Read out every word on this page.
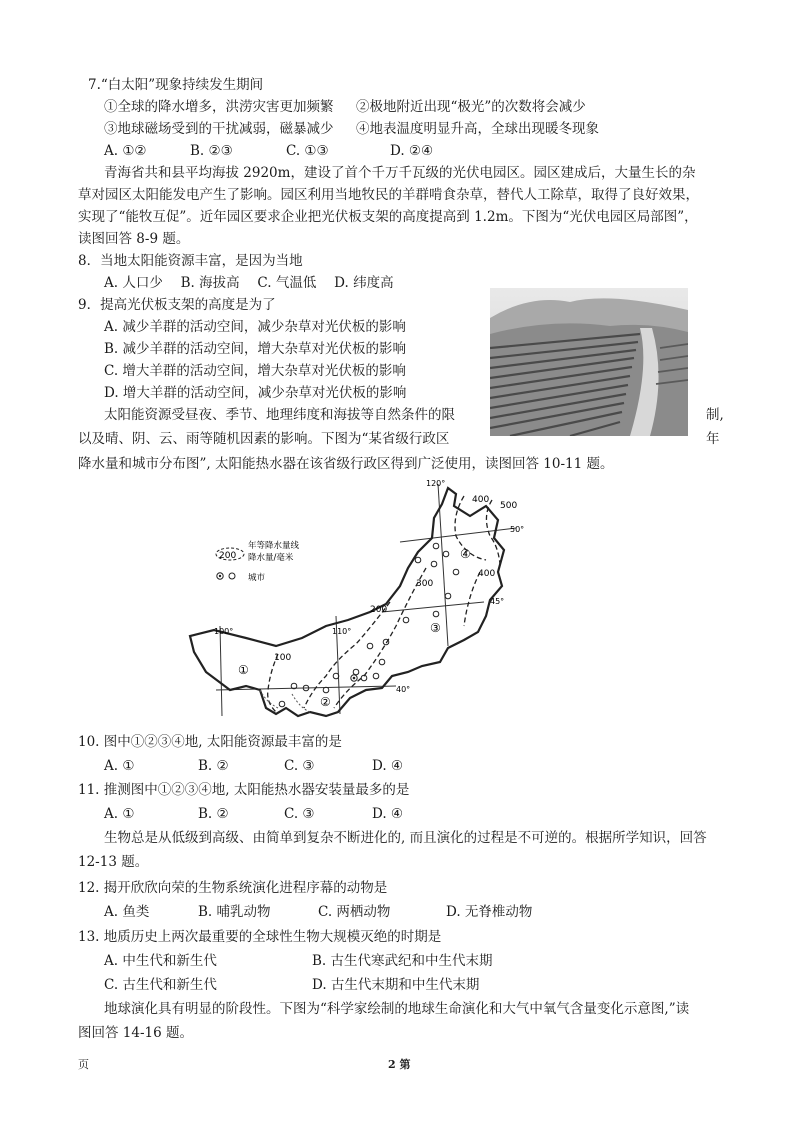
7.“白太阳”现象持续发生期间
①全球的降水增多，洪涝灾害更加频繁 ②极地附近出现“极光”的次数将会减少
③地球磁场受到的干扰减弱，磁暴减少 ④地表温度明显升高，全球出现暖冬现象
A. ①②	B. ②③	C. ①③	D. ②④
青海省共和县平均海拔 2920m，建设了首个千万千瓦级的光伏电园区。园区建成后，大量生长的杂
草对园区太阳能发电产生了影响。园区利用当地牧民的羊群啃食杂草，替代人工除草，取得了良好效果，
实现了“能牧互促”。近年园区要求企业把光伏板支架的高度提高到 1.2m。下图为“光伏电园区局部图”，
读图回答 8-9 题。
8．当地太阳能资源丰富，是因为当地
A. 人口少　 B. 海拔高　 C. 气温低　 D. 纬度高
9．提高光伏板支架的高度是为了
A. 减少羊群的活动空间，减少杂草对光伏板的影响
B. 减少羊群的活动空间，增大杂草对光伏板的影响
C. 增大羊群的活动空间，增大杂草对光伏板的影响
D. 增大羊群的活动空间，减少杂草对光伏板的影响
太阳能资源受昼夜、季节、地理纬度和海拔等自然条件的限	制,
以及晴、阴、云、雨等随机因素的影响。下图为“某省级行政区	年
降水量和城市分布图”, 太阳能热水器在该省级行政区得到广泛使用，读图回答 10-11 题。
200
年等降水量线
降水量/毫米
城市
120°
50°
45°
100°	110°
40°
400
500
400
300
200
100
①
②
③
④
10. 图中①②③④地, 太阳能资源最丰富的是
A. ①	B. ②	C. ③	D. ④
11. 推测图中①②③④地, 太阳能热水器安装量最多的是
A. ①	B. ②	C. ③	D. ④
生物总是从低级到高级、由简单到复杂不断进化的, 而且演化的过程是不可逆的。根据所学知识，回答
12-13 题。
12. 揭开欣欣向荣的生物系统演化进程序幕的动物是
A. 鱼类	B. 哺乳动物	C. 两栖动物	D. 无脊椎动物
13. 地质历史上两次最重要的全球性生物大规模灭绝的时期是
A. 中生代和新生代	B. 古生代寒武纪和中生代末期
C. 古生代和新生代	D. 古生代末期和中生代末期
地球演化具有明显的阶段性。下图为“科学家绘制的地球生命演化和大气中氧气含量变化示意图,”读
图回答 14-16 题。
页	2 第
